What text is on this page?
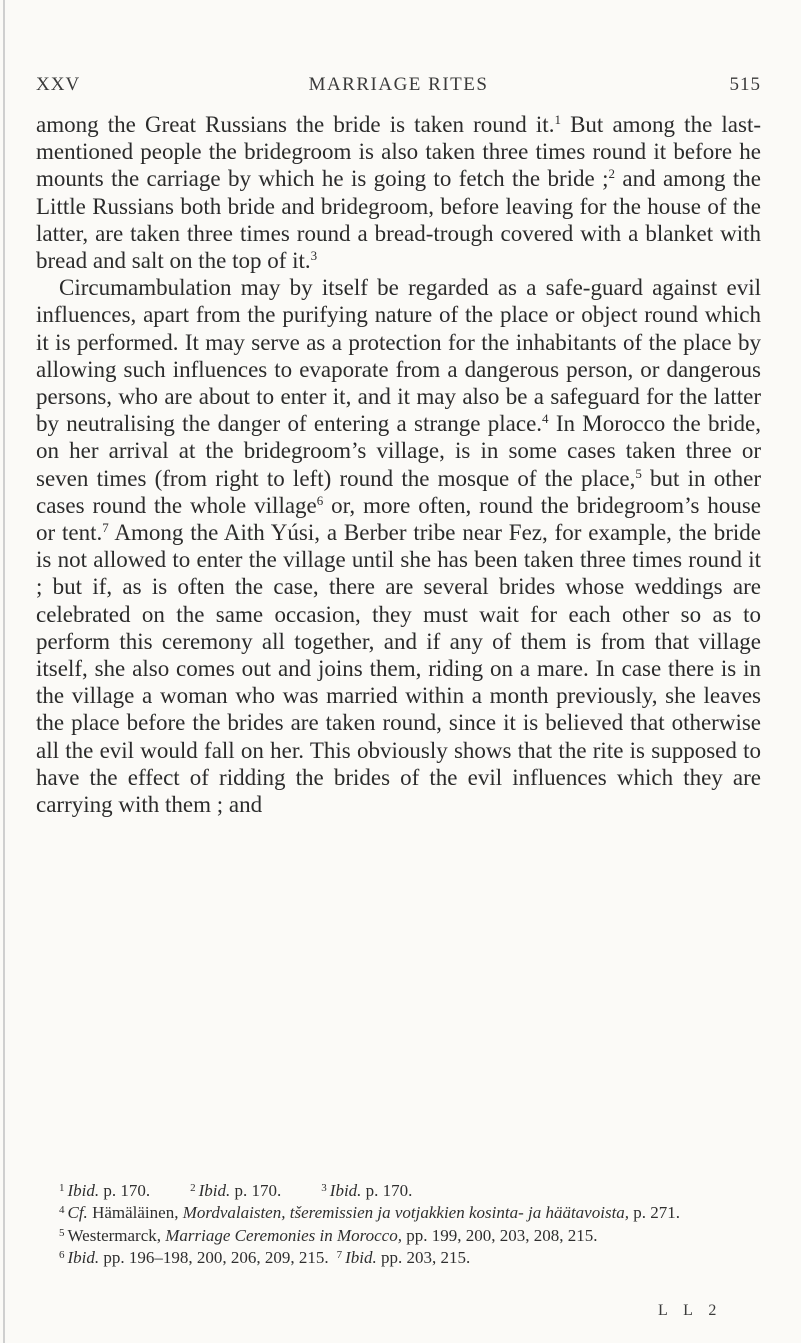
XXV	MARRIAGE RITES	515

among the Great Russians the bride is taken round it.$^1$ But among the last-mentioned people the bridegroom is also taken three times round it before he mounts the carriage by which he is going to fetch the bride ;$^2$ and among the Little Russians both bride and bridegroom, before leaving for the house of the latter, are taken three times round a bread-trough covered with a blanket with bread and salt on the top of it.$^3$

Circumambulation may by itself be regarded as a safe-guard against evil influences, apart from the purifying nature of the place or object round which it is performed. It may serve as a protection for the inhabitants of the place by allowing such influences to evaporate from a dangerous person, or dangerous persons, who are about to enter it, and it may also be a safeguard for the latter by neutralising the danger of entering a strange place.$^4$ In Morocco the bride, on her arrival at the bridegroom’s village, is in some cases taken three or seven times (from right to left) round the mosque of the place,$^5$ but in other cases round the whole village$^6$ or, more often, round the bridegroom’s house or tent.$^7$ Among the Aith Yúsi, a Berber tribe near Fez, for example, the bride is not allowed to enter the village until she has been taken three times round it ; but if, as is often the case, there are several brides whose weddings are celebrated on the same occasion, they must wait for each other so as to perform this ceremony all together, and if any of them is from that village itself, she also comes out and joins them, riding on a mare. In case there is in the village a woman who was married within a month previously, she leaves the place before the brides are taken round, since it is believed that otherwise all the evil would fall on her. This obviously shows that the rite is supposed to have the effect of ridding the brides of the evil influences which they are carrying with them ; and

$^1$ Ibid. p. 170.	$^2$ Ibid. p. 170.	$^3$ Ibid. p. 170.

$^4$ Cf. Hämäläinen, Mordvalaisten, tšeremissien ja votjakkien kosinta- ja häätavoista, p. 271.

$^5$ Westermarck, Marriage Ceremonies in Morocco, pp. 199, 200, 203, 208, 215.

$^6$ Ibid. pp. 196–198, 200, 206, 209, 215. $^7$ Ibid. pp. 203, 215.

L L 2
